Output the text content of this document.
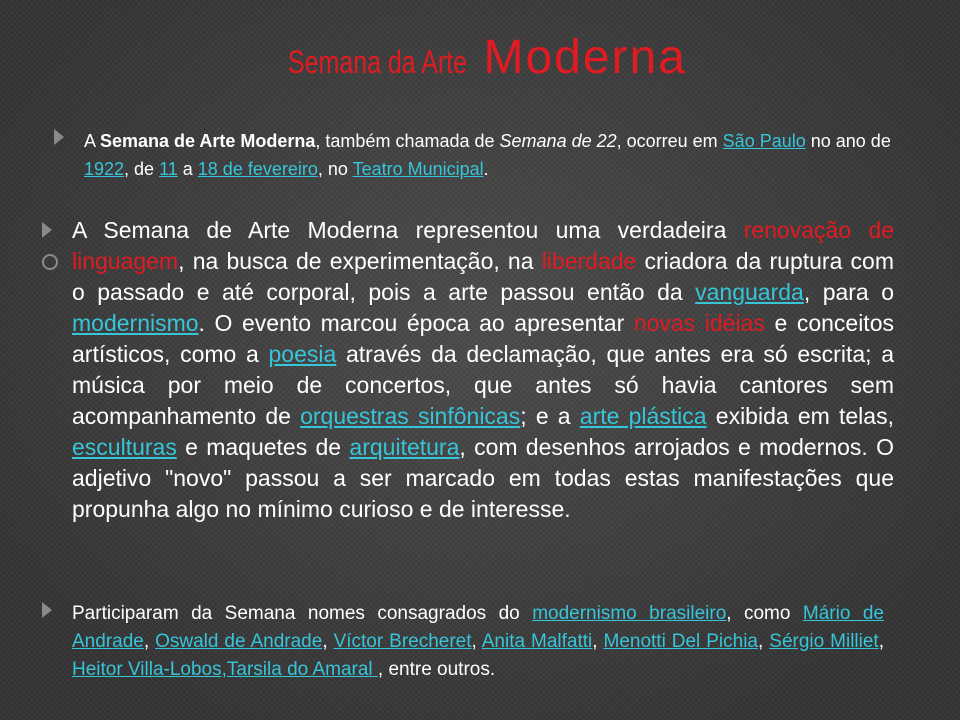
Semana da Arte Moderna

A Semana de Arte Moderna, também chamada de Semana de 22, ocorreu em São Paulo no ano de 1922, de 11 a 18 de fevereiro, no Teatro Municipal.

A Semana de Arte Moderna representou uma verdadeira renovação de linguagem, na busca de experimentação, na liberdade criadora da ruptura com o passado e até corporal, pois a arte passou então da vanguarda, para o modernismo. O evento marcou época ao apresentar novas idéias e conceitos artísticos, como a poesia através da declamação, que antes era só escrita; a música por meio de concertos, que antes só havia cantores sem acompanhamento de orquestras sinfônicas; e a arte plástica exibida em telas, esculturas e maquetes de arquitetura, com desenhos arrojados e modernos. O adjetivo "novo" passou a ser marcado em todas estas manifestações que propunha algo no mínimo curioso e de interesse.

Participaram da Semana nomes consagrados do modernismo brasileiro, como Mário de Andrade, Oswald de Andrade, Víctor Brecheret, Anita Malfatti, Menotti Del Pichia, Sérgio Milliet, Heitor Villa-Lobos,Tarsila do Amaral , entre outros.
